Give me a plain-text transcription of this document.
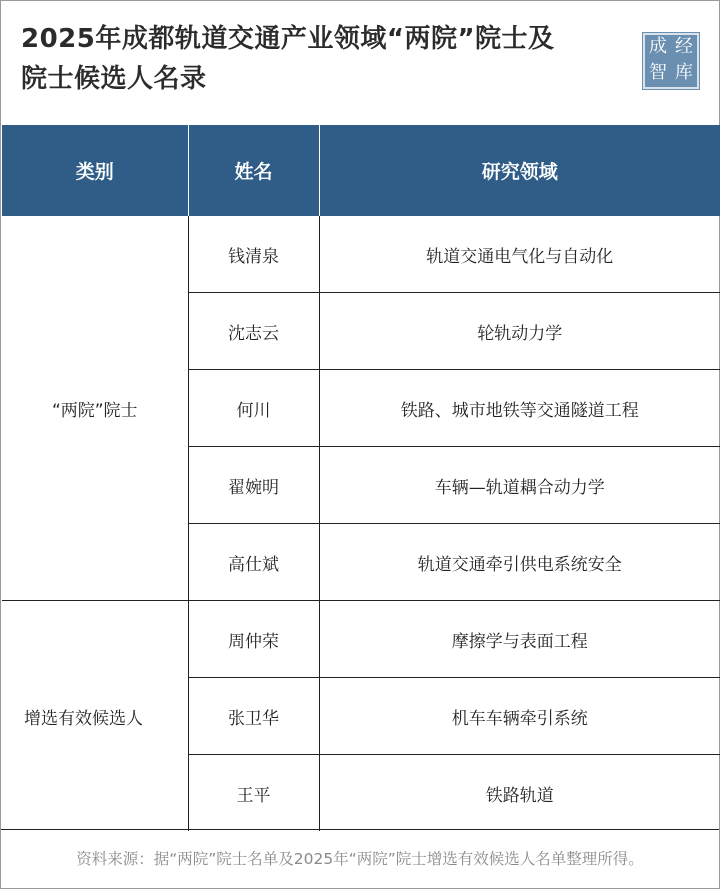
2025年成都轨道交通产业领域“两院”院士及
院士候选人名录
成 经
智 库
类别	姓名	研究领域
“两院”院士	钱清泉	轨道交通电气化与自动化
	沈志云	轮轨动力学
	何川	铁路、城市地铁等交通隧道工程
	翟婉明	车辆—轨道耦合动力学
	高仕斌	轨道交通牵引供电系统安全
增选有效候选人	周仲荣	摩擦学与表面工程
	张卫华	机车车辆牵引系统
	王平	铁路轨道
资料来源：据“两院”院士名单及2025年“两院”院士增选有效候选人名单整理所得。
